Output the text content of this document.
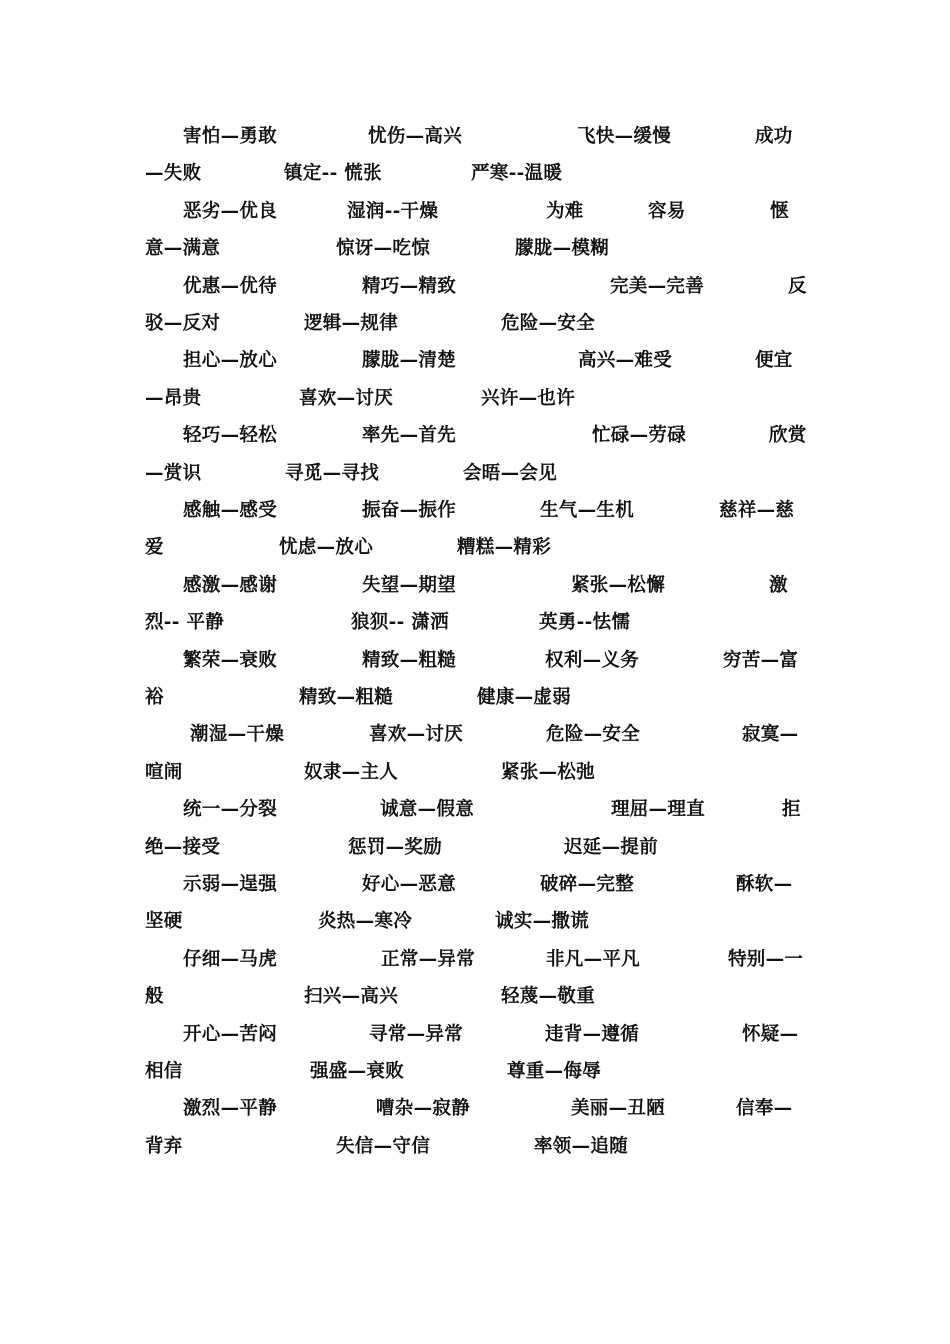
害怕—勇敢	忧伤—高兴	飞快—缓慢	成功
—失败	镇定-- 慌张	严寒--温暖
恶劣—优良	湿润--干燥	为难	容易	惬
意—满意	惊讶—吃惊	朦胧—模糊
优惠—优待	精巧—精致	完美—完善	反
驳—反对	逻辑—规律	危险—安全
担心—放心	朦胧—清楚	高兴—难受	便宜
—昂贵	喜欢—讨厌	兴许—也许
轻巧—轻松	率先—首先	忙碌—劳碌	欣赏
—赏识	寻觅—寻找	会晤—会见
感触—感受	振奋—振作	生气—生机	慈祥—慈
爱	忧虑—放心	糟糕—精彩
感激—感谢	失望—期望	紧张—松懈	激
烈-- 平静	狼狈-- 潇洒	英勇--怯懦
繁荣—衰败	精致—粗糙	权利—义务	穷苦—富
裕	精致—粗糙	健康—虚弱
潮湿—干燥	喜欢—讨厌	危险—安全	寂寞—
喧闹	奴隶—主人	紧张—松弛
统一—分裂	诚意—假意	理屈—理直	拒
绝—接受	惩罚—奖励	迟延—提前
示弱—逞强	好心—恶意	破碎—完整	酥软—
坚硬	炎热—寒冷	诚实—撒谎
仔细—马虎	正常—异常	非凡—平凡	特别—一
般	扫兴—高兴	轻蔑—敬重
开心—苦闷	寻常—异常	违背—遵循	怀疑—
相信	强盛—衰败	尊重—侮辱
激烈—平静	嘈杂—寂静	美丽—丑陋	信奉—
背弃	失信—守信	率领—追随
